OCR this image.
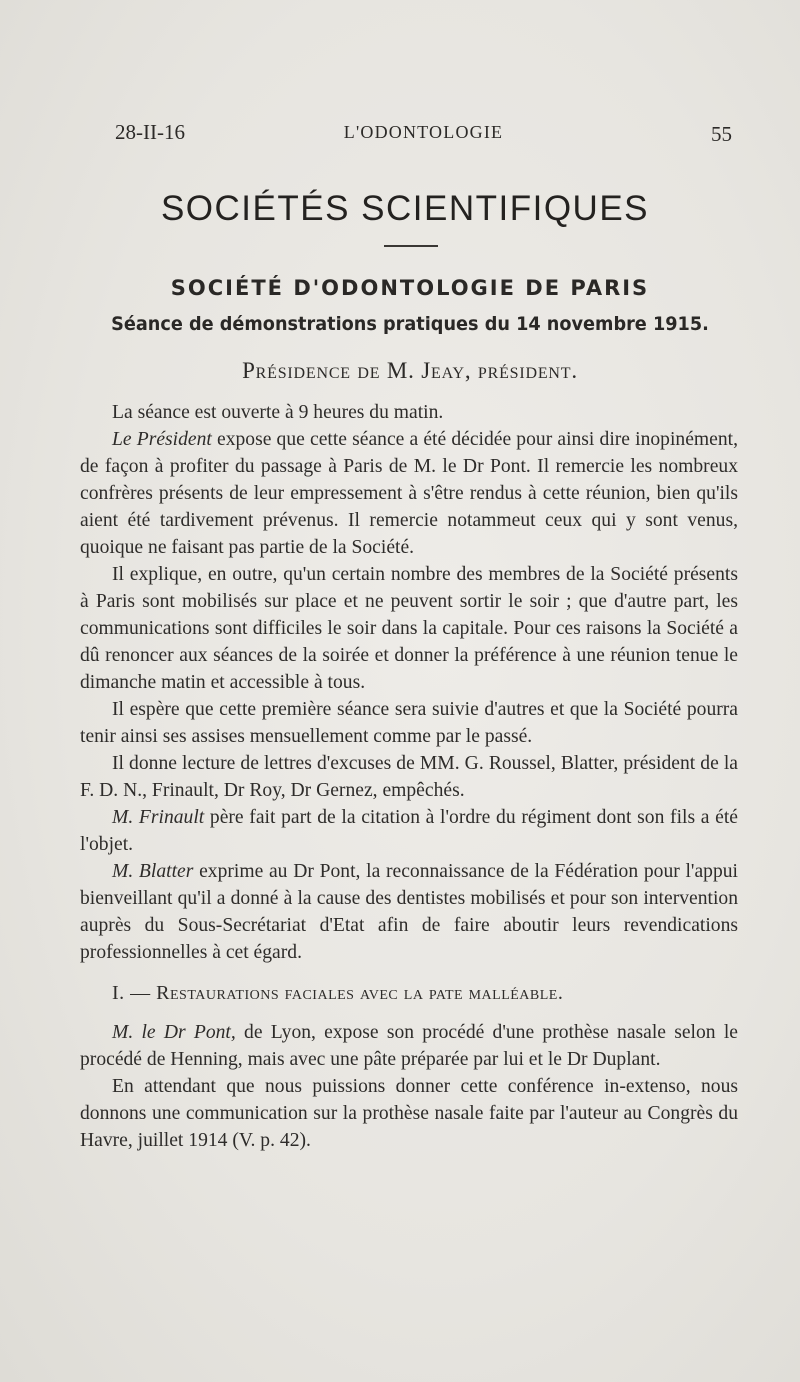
28-II-16	L'ODONTOLOGIE	55
SOCIÉTÉS SCIENTIFIQUES
SOCIÉTÉ D'ODONTOLOGIE DE PARIS
Séance de démonstrations pratiques du 14 novembre 1915.
Présidence de M. Jeay, président.

La séance est ouverte à 9 heures du matin.

Le Président expose que cette séance a été décidée pour ainsi dire inopinément, de façon à profiter du passage à Paris de M. le Dr Pont. Il remercie les nombreux confrères présents de leur empressement à s'être rendus à cette réunion, bien qu'ils aient été tardivement prévenus. Il remercie notammeut ceux qui y sont venus, quoique ne faisant pas partie de la Société.

Il explique, en outre, qu'un certain nombre des membres de la Société présents à Paris sont mobilisés sur place et ne peuvent sortir le soir ; que d'autre part, les communications sont difficiles le soir dans la capitale. Pour ces raisons la Société a dû renoncer aux séances de la soirée et donner la préférence à une réunion tenue le dimanche matin et accessible à tous.

Il espère que cette première séance sera suivie d'autres et que la Société pourra tenir ainsi ses assises mensuellement comme par le passé.

Il donne lecture de lettres d'excuses de MM. G. Roussel, Blatter, président de la F. D. N., Frinault, Dr Roy, Dr Gernez, empêchés.

M. Frinault père fait part de la citation à l'ordre du régiment dont son fils a été l'objet.

M. Blatter exprime au Dr Pont, la reconnaissance de la Fédération pour l'appui bienveillant qu'il a donné à la cause des dentistes mobilisés et pour son intervention auprès du Sous-Secrétariat d'Etat afin de faire aboutir leurs revendications professionnelles à cet égard.

I. — Restaurations faciales avec la pate malléable.

M. le Dr Pont, de Lyon, expose son procédé d'une prothèse nasale selon le procédé de Henning, mais avec une pâte préparée par lui et le Dr Duplant.

En attendant que nous puissions donner cette conférence in-extenso, nous donnons une communication sur la prothèse nasale faite par l'auteur au Congrès du Havre, juillet 1914 (V. p. 42).
